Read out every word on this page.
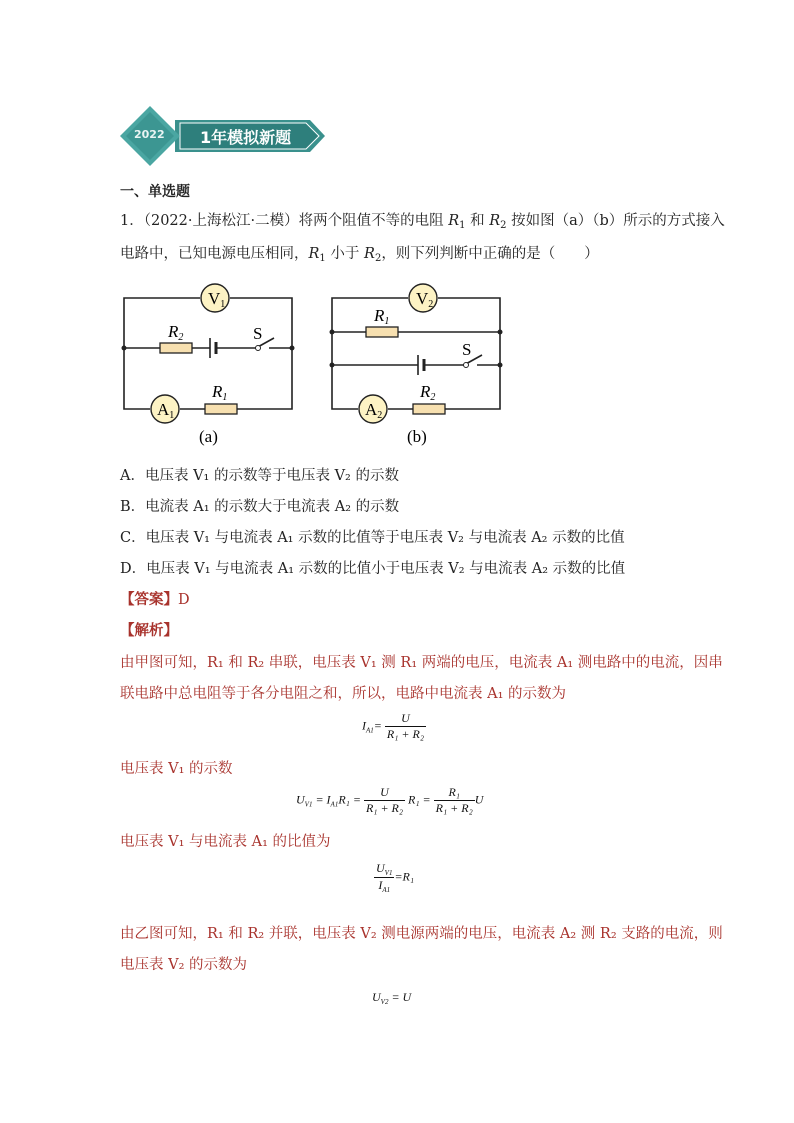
2022 1年模拟新题
一、单选题
1．（2022·上海松江·二模）将两个阻值不等的电阻 $R_1$ 和 $R_2$ 按如图（a）（b）所示的方式接入
电路中，已知电源电压相同，$R_1$ 小于 $R_2$，则下列判断中正确的是（　　）
V1
A1
R2
R1
S
(a)
V2
A2
R1
R2
S
(b)
A．电压表 V₁ 的示数等于电压表 V₂ 的示数
B．电流表 A₁ 的示数大于电流表 A₂ 的示数
C．电压表 V₁ 与电流表 A₁ 示数的比值等于电压表 V₂ 与电流表 A₂ 示数的比值
D．电压表 V₁ 与电流表 A₁ 示数的比值小于电压表 V₂ 与电流表 A₂ 示数的比值
【答案】D
【解析】
由甲图可知，R₁ 和 R₂ 串联，电压表 V₁ 测 R₁ 两端的电压，电流表 A₁ 测电路中的电流，因串
联电路中总电阻等于各分电阻之和，所以，电路中电流表 A₁ 的示数为
$I_{A1}= \frac{U}{\text{R₁ + R₂}}$
电压表 V₁ 的示数
$U_{V1} = I_{A1}R_1 = \frac{U}{\text{R₁ + R₂}} R_1 = \frac{\text{R₁}}{\text{R₁ + R₂}}$ U
电压表 V₁ 与电流表 A₁ 的比值为
$\frac{U_{V1}}{I_{A1}} =R_1$
由乙图可知，R₁ 和 R₂ 并联，电压表 V₂ 测电源两端的电压，电流表 A₂ 测 R₂ 支路的电流，则
电压表 V₂ 的示数为
$U_{V2} = U$
